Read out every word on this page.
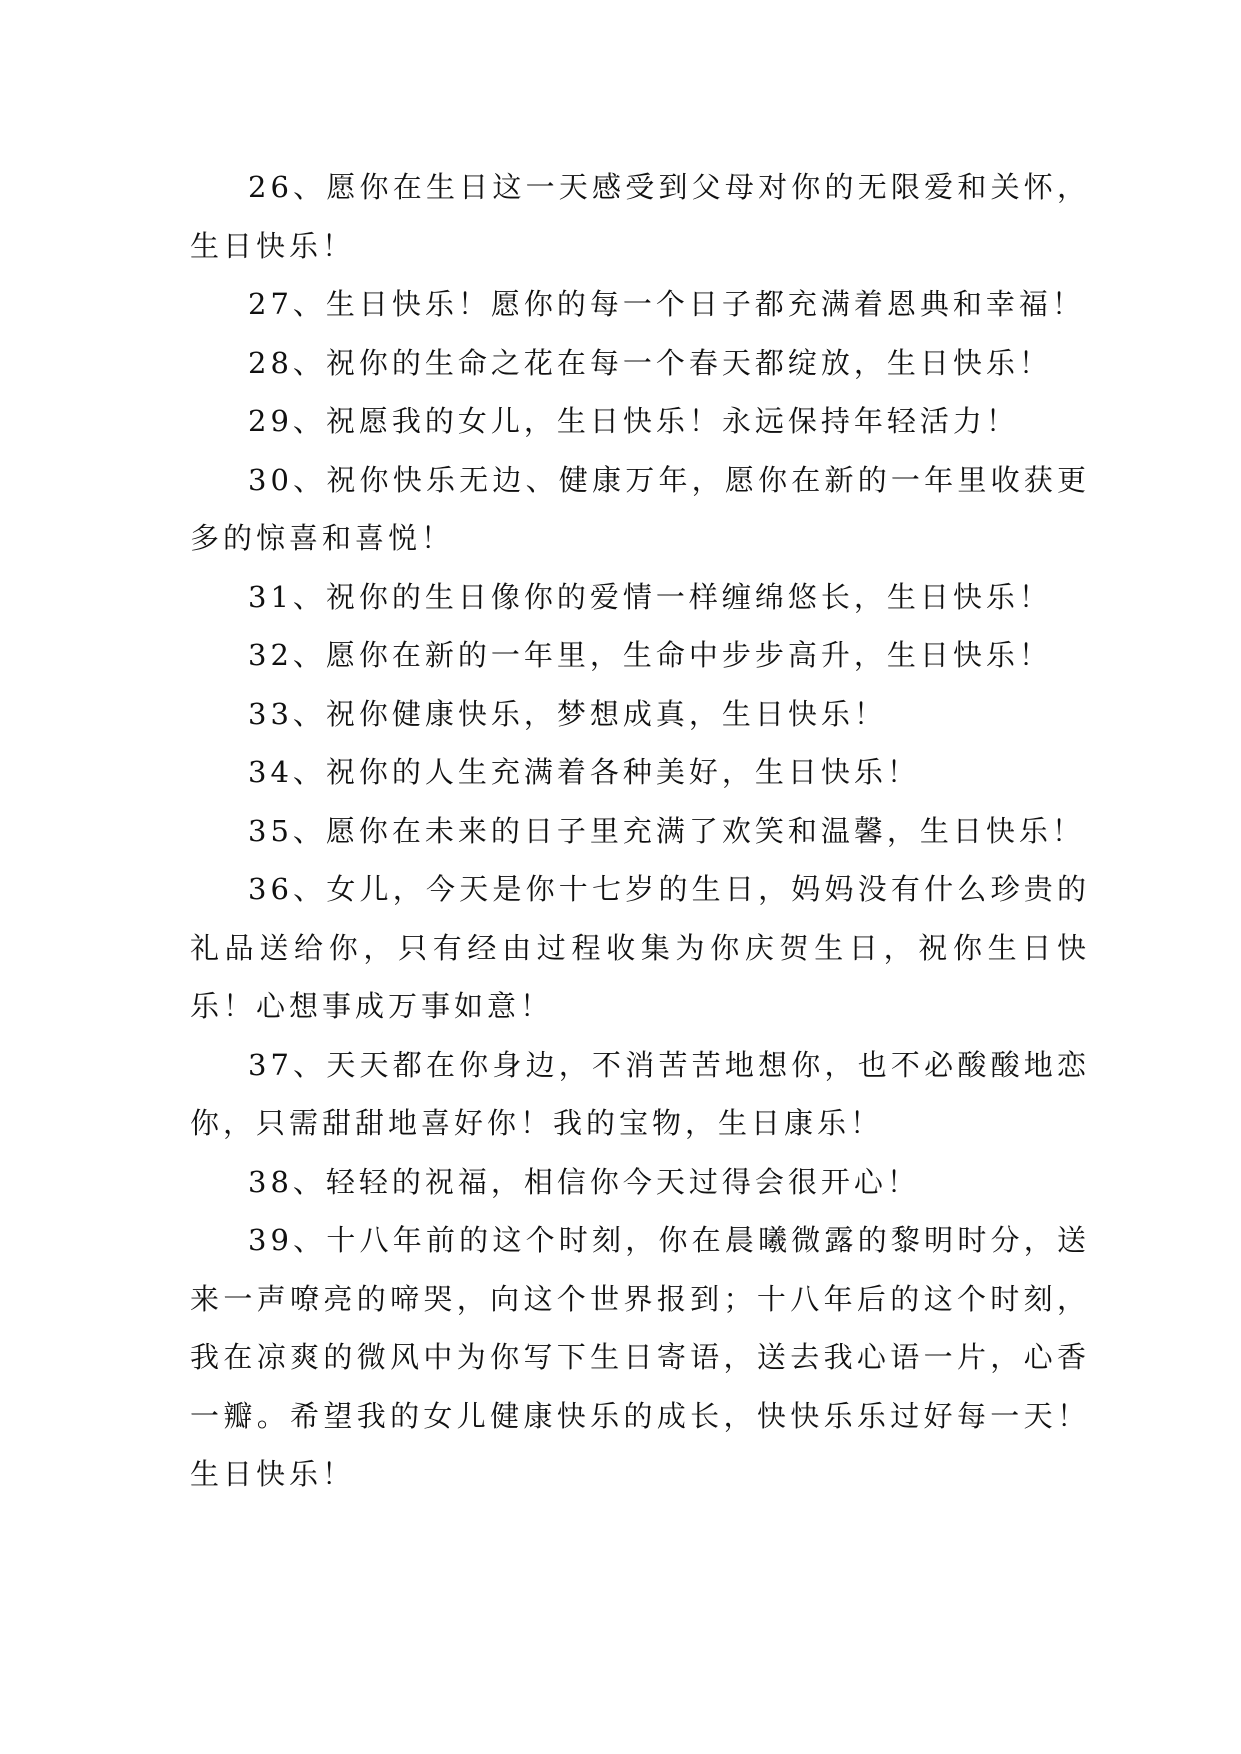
26、愿你在生日这一天感受到父母对你的无限爱和关怀，生日快乐！

27、生日快乐！愿你的每一个日子都充满着恩典和幸福！

28、祝你的生命之花在每一个春天都绽放，生日快乐！

29、祝愿我的女儿，生日快乐！永远保持年轻活力！

30、祝你快乐无边、健康万年，愿你在新的一年里收获更多的惊喜和喜悦！

31、祝你的生日像你的爱情一样缠绵悠长，生日快乐！

32、愿你在新的一年里，生命中步步高升，生日快乐！

33、祝你健康快乐，梦想成真，生日快乐！

34、祝你的人生充满着各种美好，生日快乐！

35、愿你在未来的日子里充满了欢笑和温馨，生日快乐！

36、女儿，今天是你十七岁的生日，妈妈没有什么珍贵的礼品送给你，只有经由过程收集为你庆贺生日，祝你生日快乐！心想事成万事如意！

37、天天都在你身边，不消苦苦地想你，也不必酸酸地恋你，只需甜甜地喜好你！我的宝物，生日康乐！

38、轻轻的祝福，相信你今天过得会很开心！

39、十八年前的这个时刻，你在晨曦微露的黎明时分，送来一声嘹亮的啼哭，向这个世界报到；十八年后的这个时刻，我在凉爽的微风中为你写下生日寄语，送去我心语一片，心香一瓣。希望我的女儿健康快乐的成长，快快乐乐过好每一天！生日快乐！
